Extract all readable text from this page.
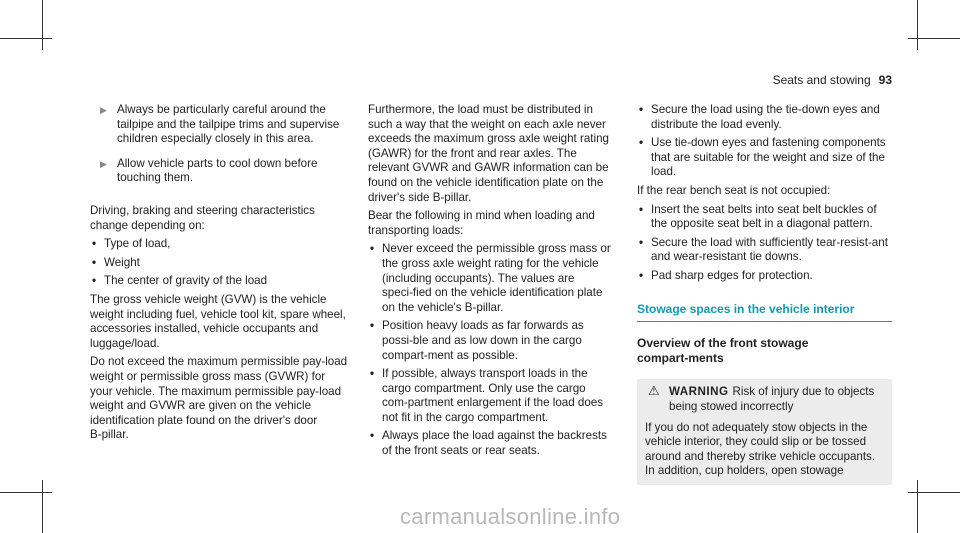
Seats and stowing 93
▶ Always be particularly careful around the tailpipe and the tailpipe trims and supervise children especially closely in this area.
▶ Allow vehicle parts to cool down before touching them.

Driving, braking and steering characteristics change depending on:

• Type of load,
• Weight
• The center of gravity of the load

The gross vehicle weight (GVW) is the vehicle weight including fuel, vehicle tool kit, spare wheel, accessories installed, vehicle occupants and luggage/load.

Do not exceed the maximum permissible pay‑load weight or permissible gross mass (GVWR) for your vehicle. The maximum permissible pay‑load weight and GVWR are given on the vehicle identification plate found on the driver's door B‑pillar.

Furthermore, the load must be distributed in such a way that the weight on each axle never exceeds the maximum gross axle weight rating (GAWR) for the front and rear axles. The relevant GVWR and GAWR information can be found on the vehicle identification plate on the driver's side B‑pillar.

Bear the following in mind when loading and transporting loads:

• Never exceed the permissible gross mass or the gross axle weight rating for the vehicle (including occupants). The values are speci‑fied on the vehicle identification plate on the vehicle's B‑pillar.
• Position heavy loads as far forwards as possi‑ble and as low down in the cargo compart‑ment as possible.
• If possible, always transport loads in the cargo compartment. Only use the cargo com‑partment enlargement if the load does not fit in the cargo compartment.
• Always place the load against the backrests of the front seats or rear seats.
• Secure the load using the tie‑down eyes and distribute the load evenly.
• Use tie‑down eyes and fastening components that are suitable for the weight and size of the load.

If the rear bench seat is not occupied:

• Insert the seat belts into seat belt buckles of the opposite seat belt in a diagonal pattern.
• Secure the load with sufficiently tear‑resist‑ant and wear‑resistant tie downs.
• Pad sharp edges for protection.
Stowage spaces in the vehicle interior
Overview of the front stowage compart‑ments
⚠ WARNING Risk of injury due to objects being stowed incorrectly

If you do not adequately stow objects in the vehicle interior, they could slip or be tossed around and thereby strike vehicle occupants. In addition, cup holders, open stowage

carmanualsonline.info
